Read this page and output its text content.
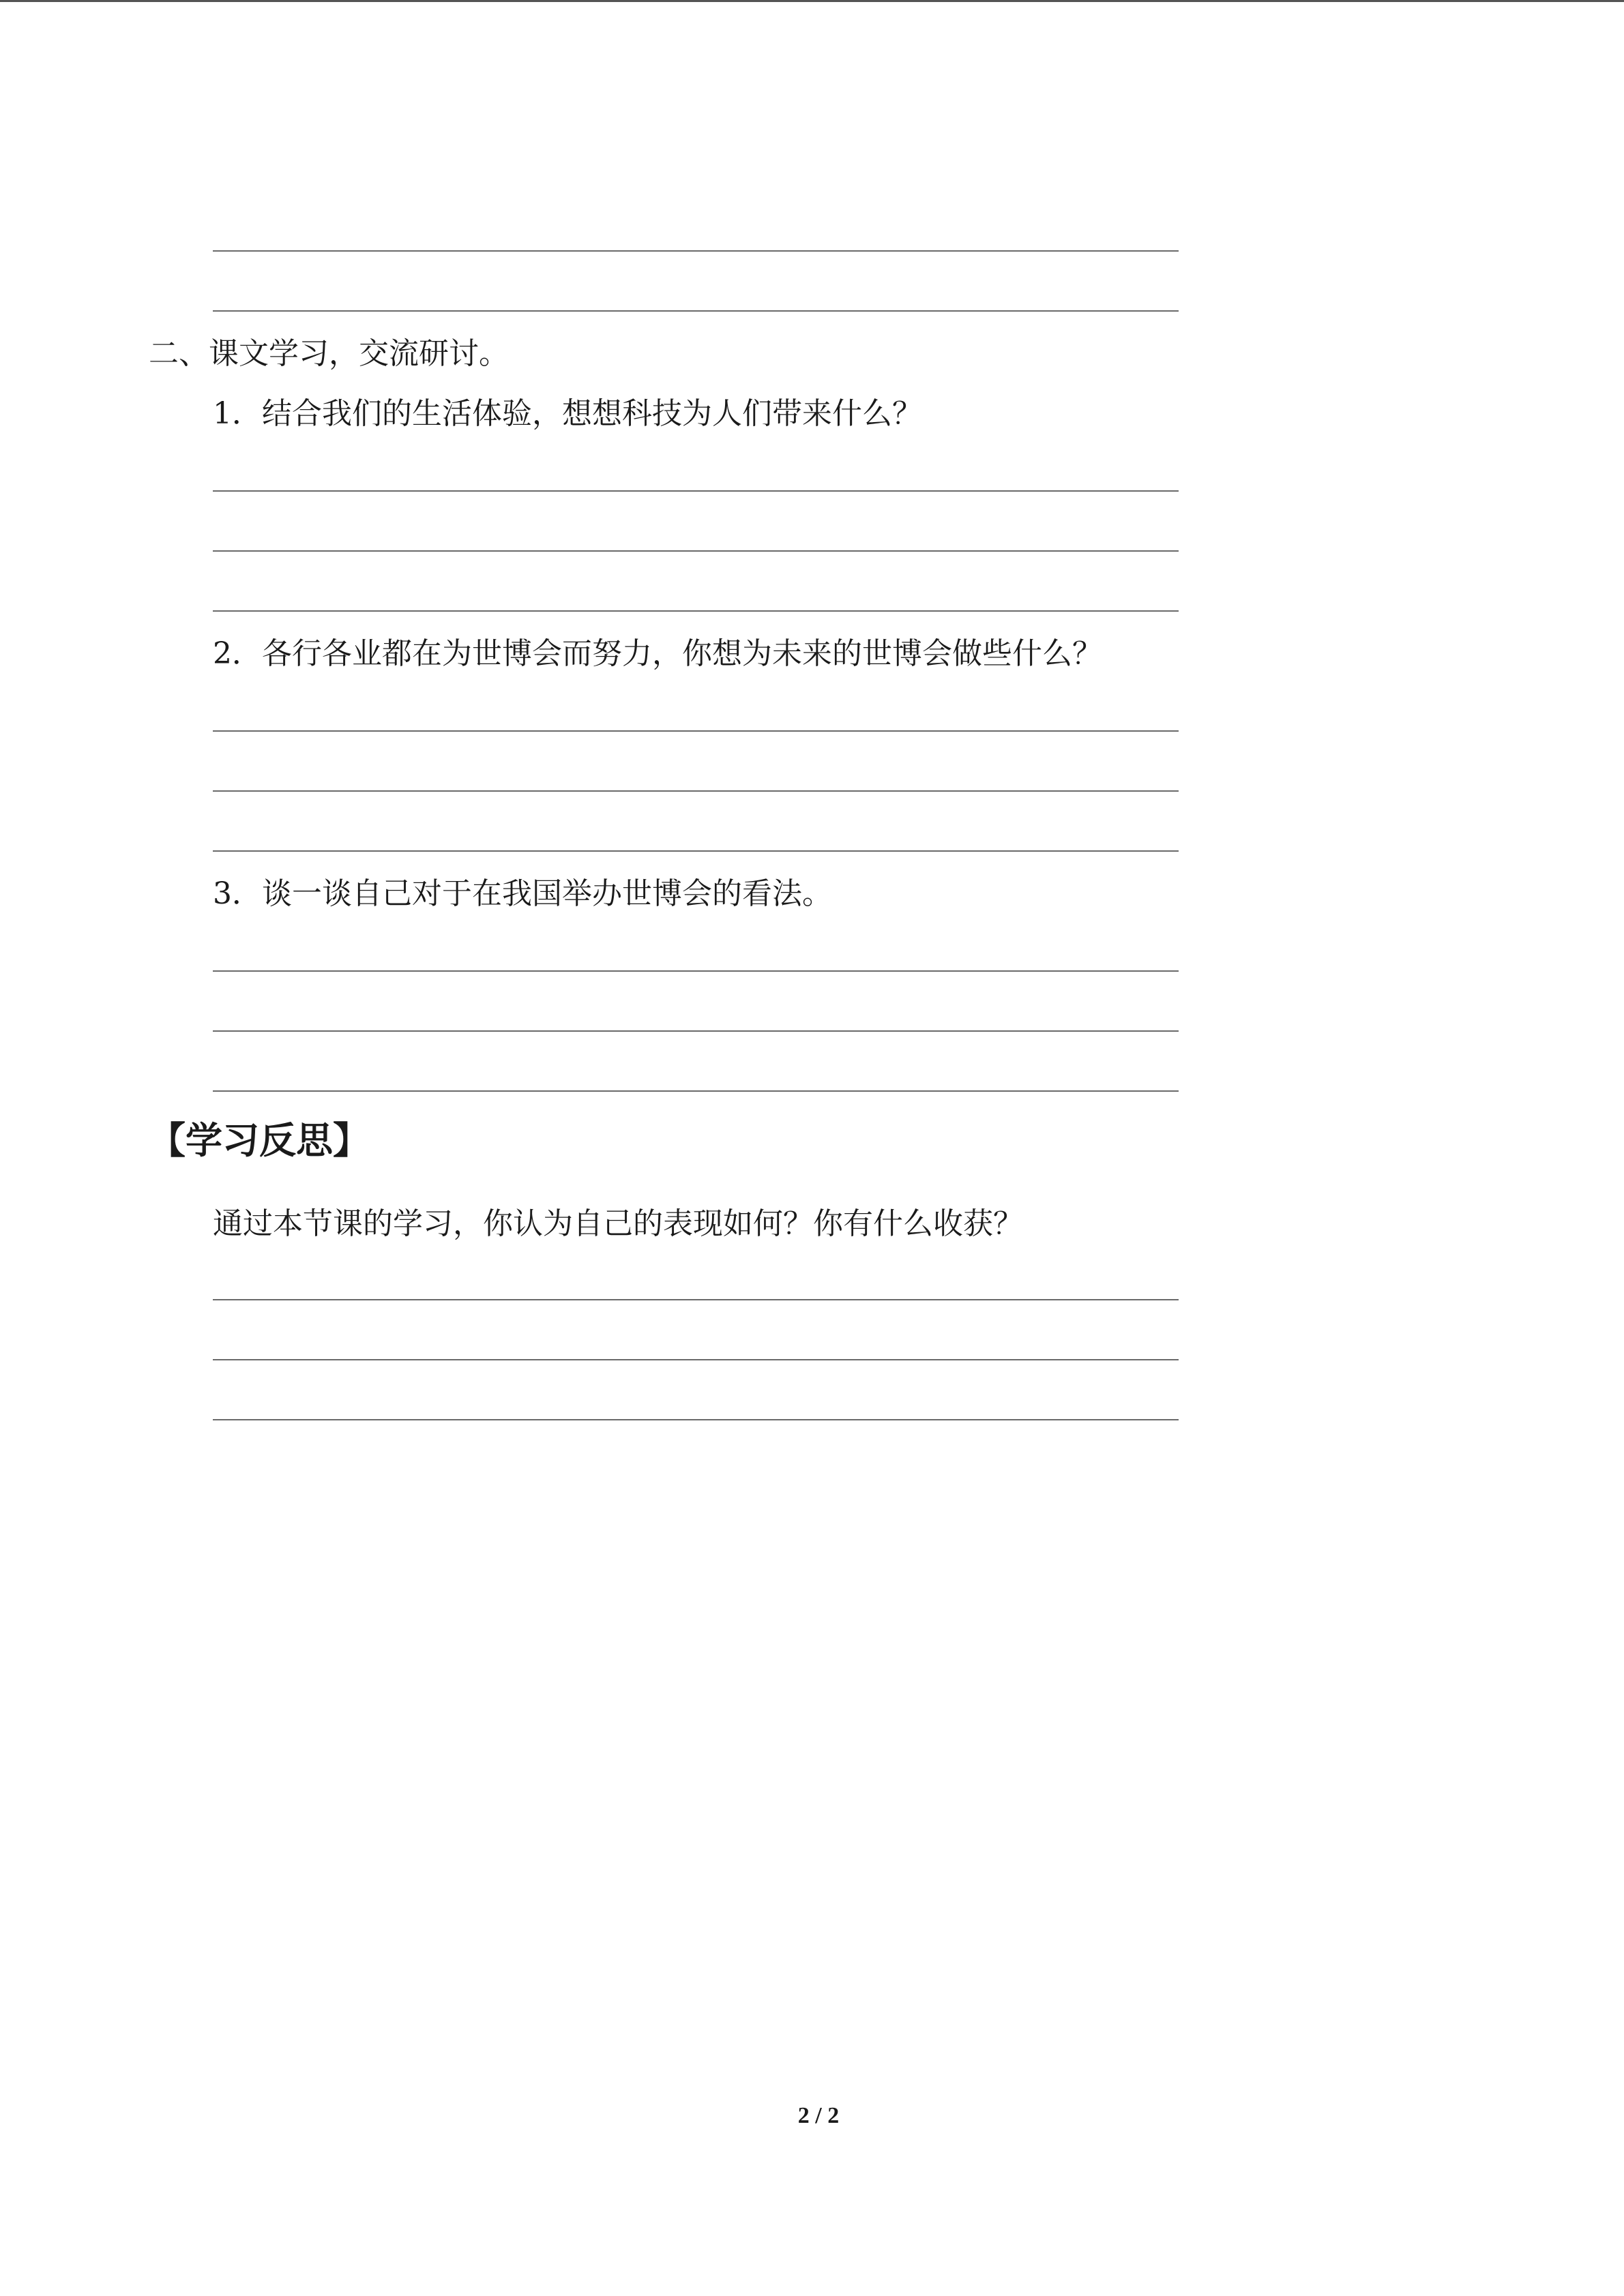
二、课文学习，交流研讨。
1．结合我们的生活体验，想想科技为人们带来什么？
2．各行各业都在为世博会而努力，你想为未来的世博会做些什么？
3．谈一谈自己对于在我国举办世博会的看法。
【学习反思】
通过本节课的学习，你认为自己的表现如何？你有什么收获？
2 / 2
